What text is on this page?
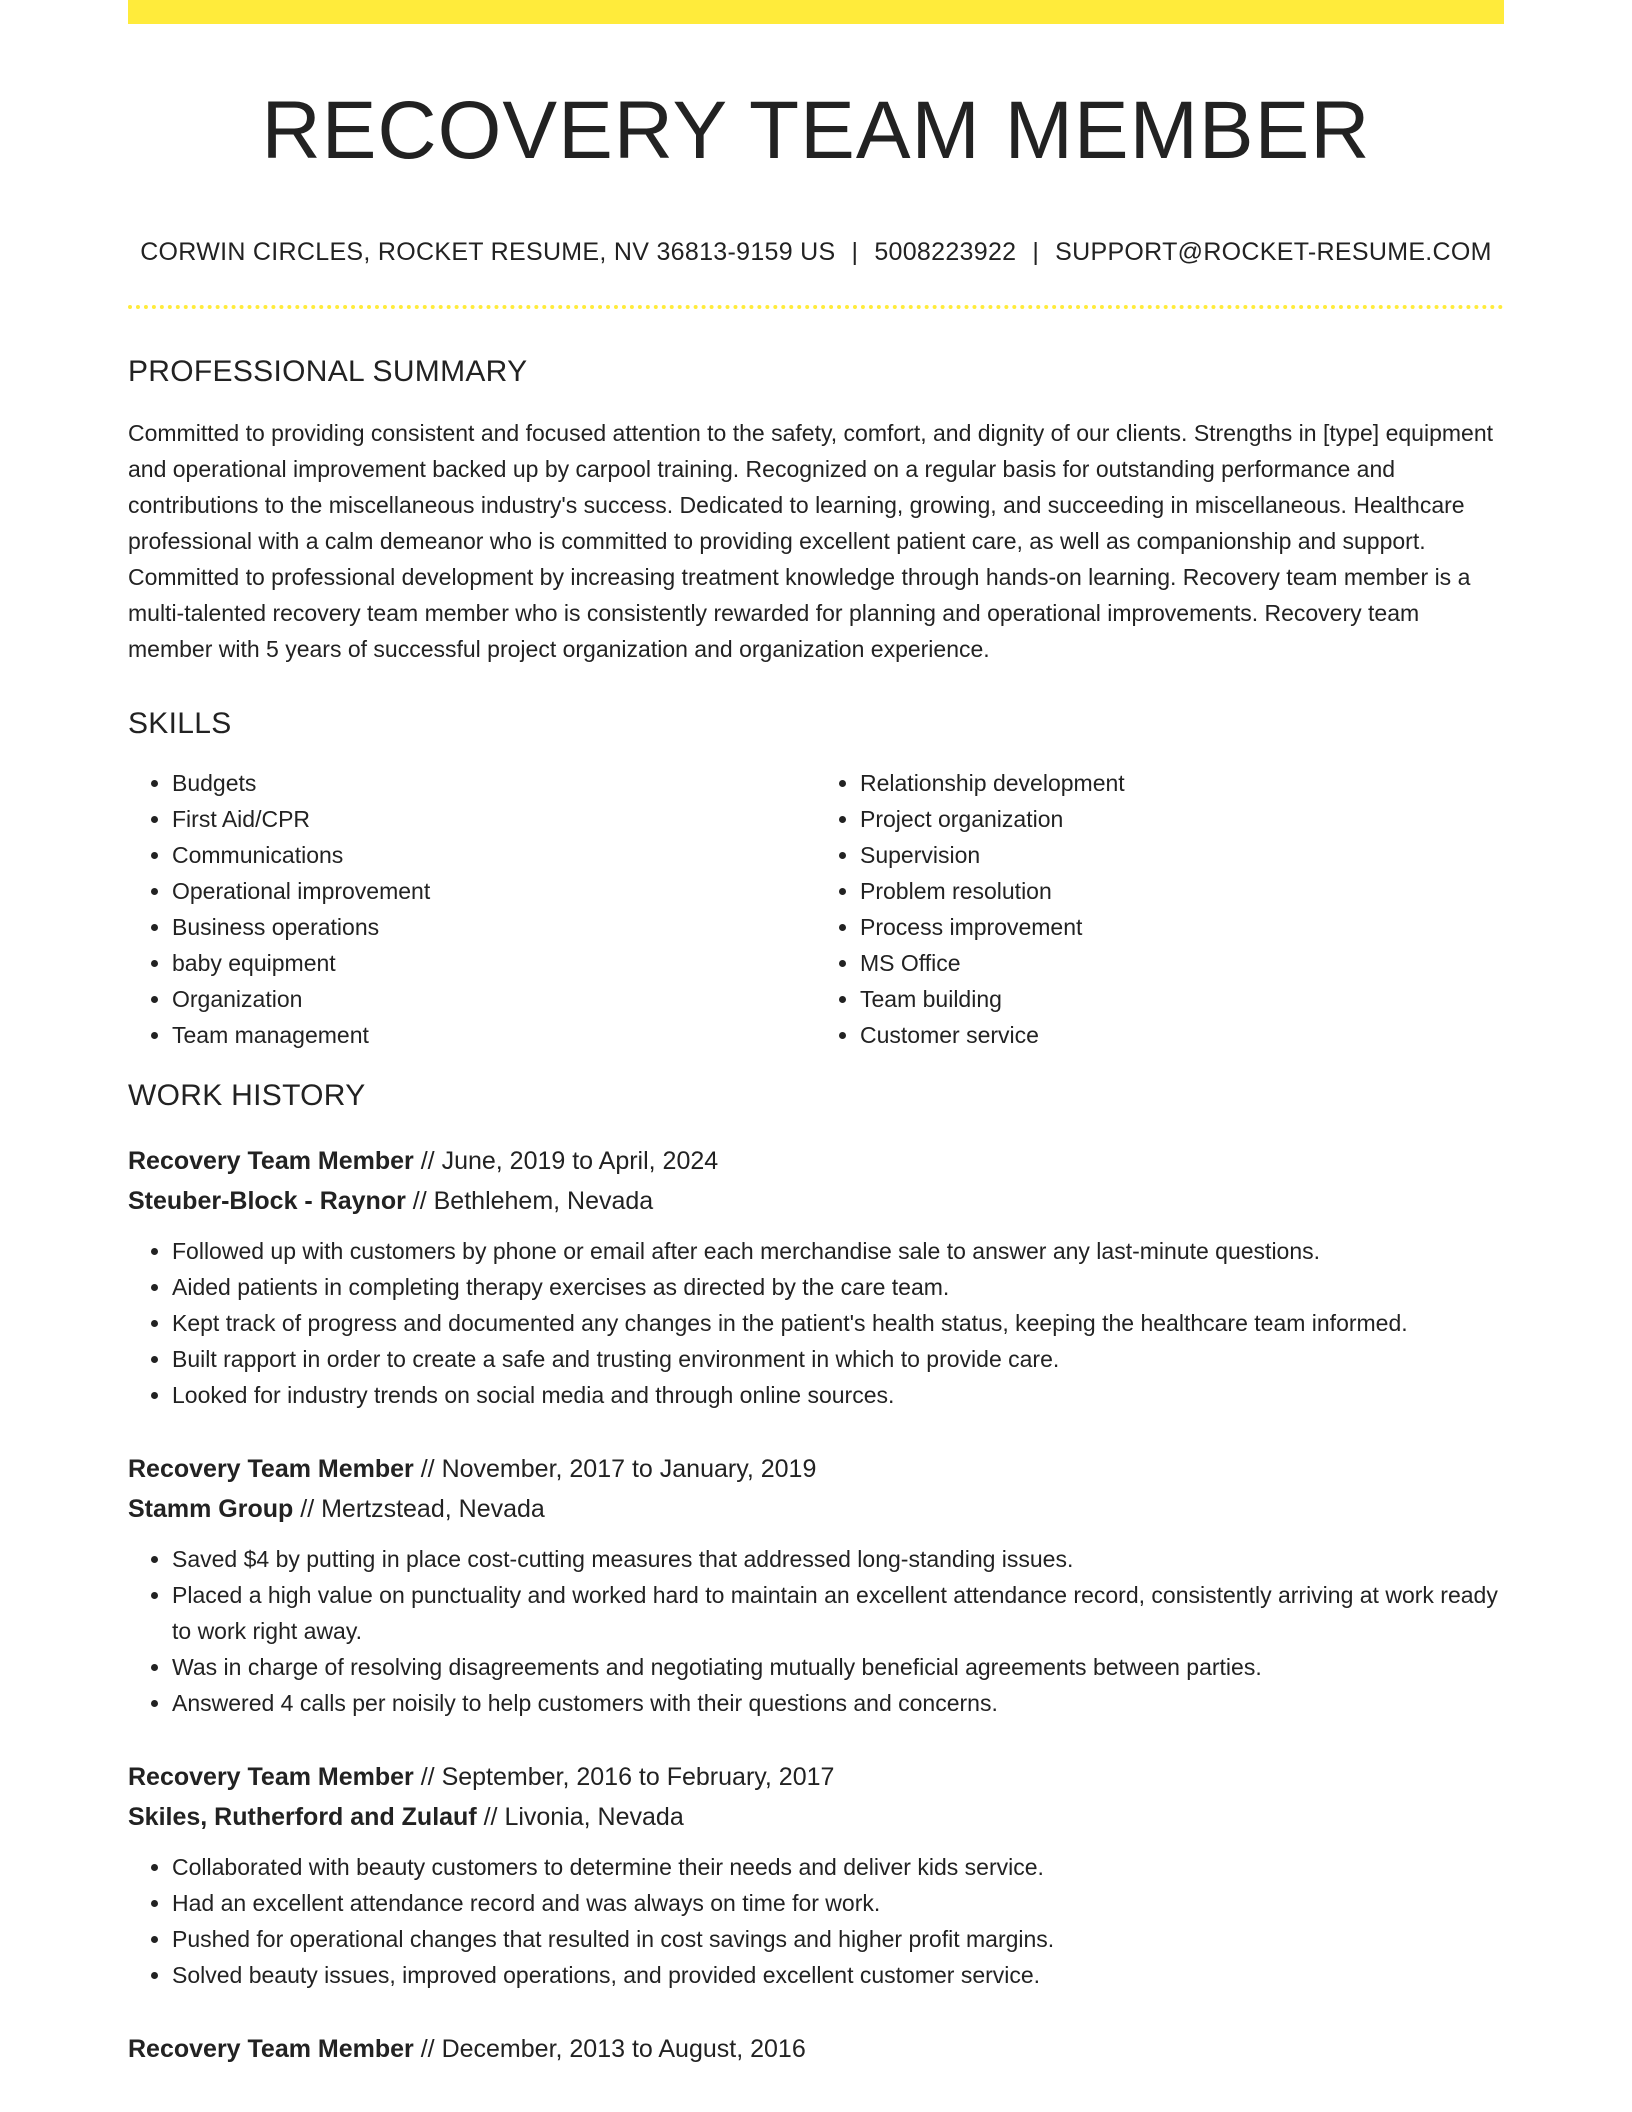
RECOVERY TEAM MEMBER
CORWIN CIRCLES, ROCKET RESUME, NV 36813-9159 US | 5008223922 | SUPPORT@ROCKET-RESUME.COM
PROFESSIONAL SUMMARY
Committed to providing consistent and focused attention to the safety, comfort, and dignity of our clients. Strengths in [type] equipment and operational improvement backed up by carpool training. Recognized on a regular basis for outstanding performance and contributions to the miscellaneous industry's success. Dedicated to learning, growing, and succeeding in miscellaneous. Healthcare professional with a calm demeanor who is committed to providing excellent patient care, as well as companionship and support. Committed to professional development by increasing treatment knowledge through hands-on learning. Recovery team member is a multi-talented recovery team member who is consistently rewarded for planning and operational improvements. Recovery team member with 5 years of successful project organization and organization experience.
SKILLS
• Budgets
• First Aid/CPR
• Communications
• Operational improvement
• Business operations
• baby equipment
• Organization
• Team management
• Relationship development
• Project organization
• Supervision
• Problem resolution
• Process improvement
• MS Office
• Team building
• Customer service
WORK HISTORY
Recovery Team Member // June, 2019 to April, 2024
Steuber-Block - Raynor // Bethlehem, Nevada
• Followed up with customers by phone or email after each merchandise sale to answer any last-minute questions.
• Aided patients in completing therapy exercises as directed by the care team.
• Kept track of progress and documented any changes in the patient's health status, keeping the healthcare team informed.
• Built rapport in order to create a safe and trusting environment in which to provide care.
• Looked for industry trends on social media and through online sources.
Recovery Team Member // November, 2017 to January, 2019
Stamm Group // Mertzstead, Nevada
• Saved $4 by putting in place cost-cutting measures that addressed long-standing issues.
• Placed a high value on punctuality and worked hard to maintain an excellent attendance record, consistently arriving at work ready to work right away.
• Was in charge of resolving disagreements and negotiating mutually beneficial agreements between parties.
• Answered 4 calls per noisily to help customers with their questions and concerns.
Recovery Team Member // September, 2016 to February, 2017
Skiles, Rutherford and Zulauf // Livonia, Nevada
• Collaborated with beauty customers to determine their needs and deliver kids service.
• Had an excellent attendance record and was always on time for work.
• Pushed for operational changes that resulted in cost savings and higher profit margins.
• Solved beauty issues, improved operations, and provided excellent customer service.
Recovery Team Member // December, 2013 to August, 2016
